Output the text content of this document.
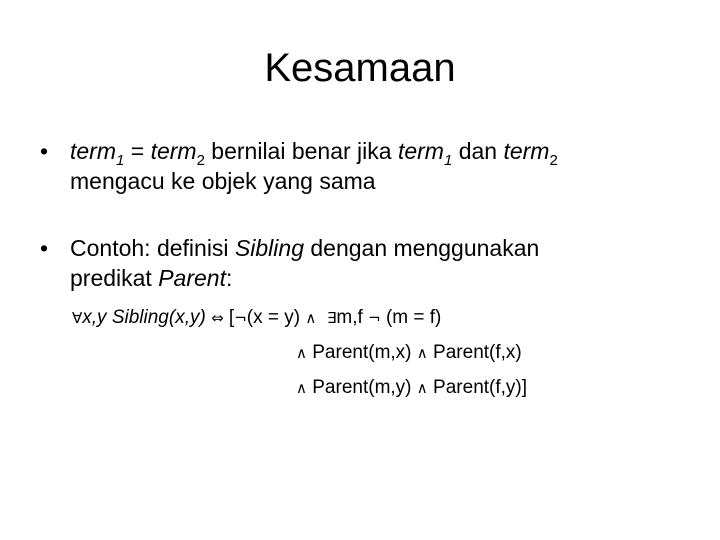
Kesamaan
• term$_1$ = term$_2$ bernilai benar jika term$_1$ dan term$_2$
mengacu ke objek yang sama
• Contoh: definisi Sibling dengan menggunakan
predikat Parent:
∀x,y Sibling(x,y) ⇔ [¬(x = y) ∧ ∃m,f ¬ (m = f)
∧ Parent(m,x) ∧ Parent(f,x)
∧ Parent(m,y) ∧ Parent(f,y)]
